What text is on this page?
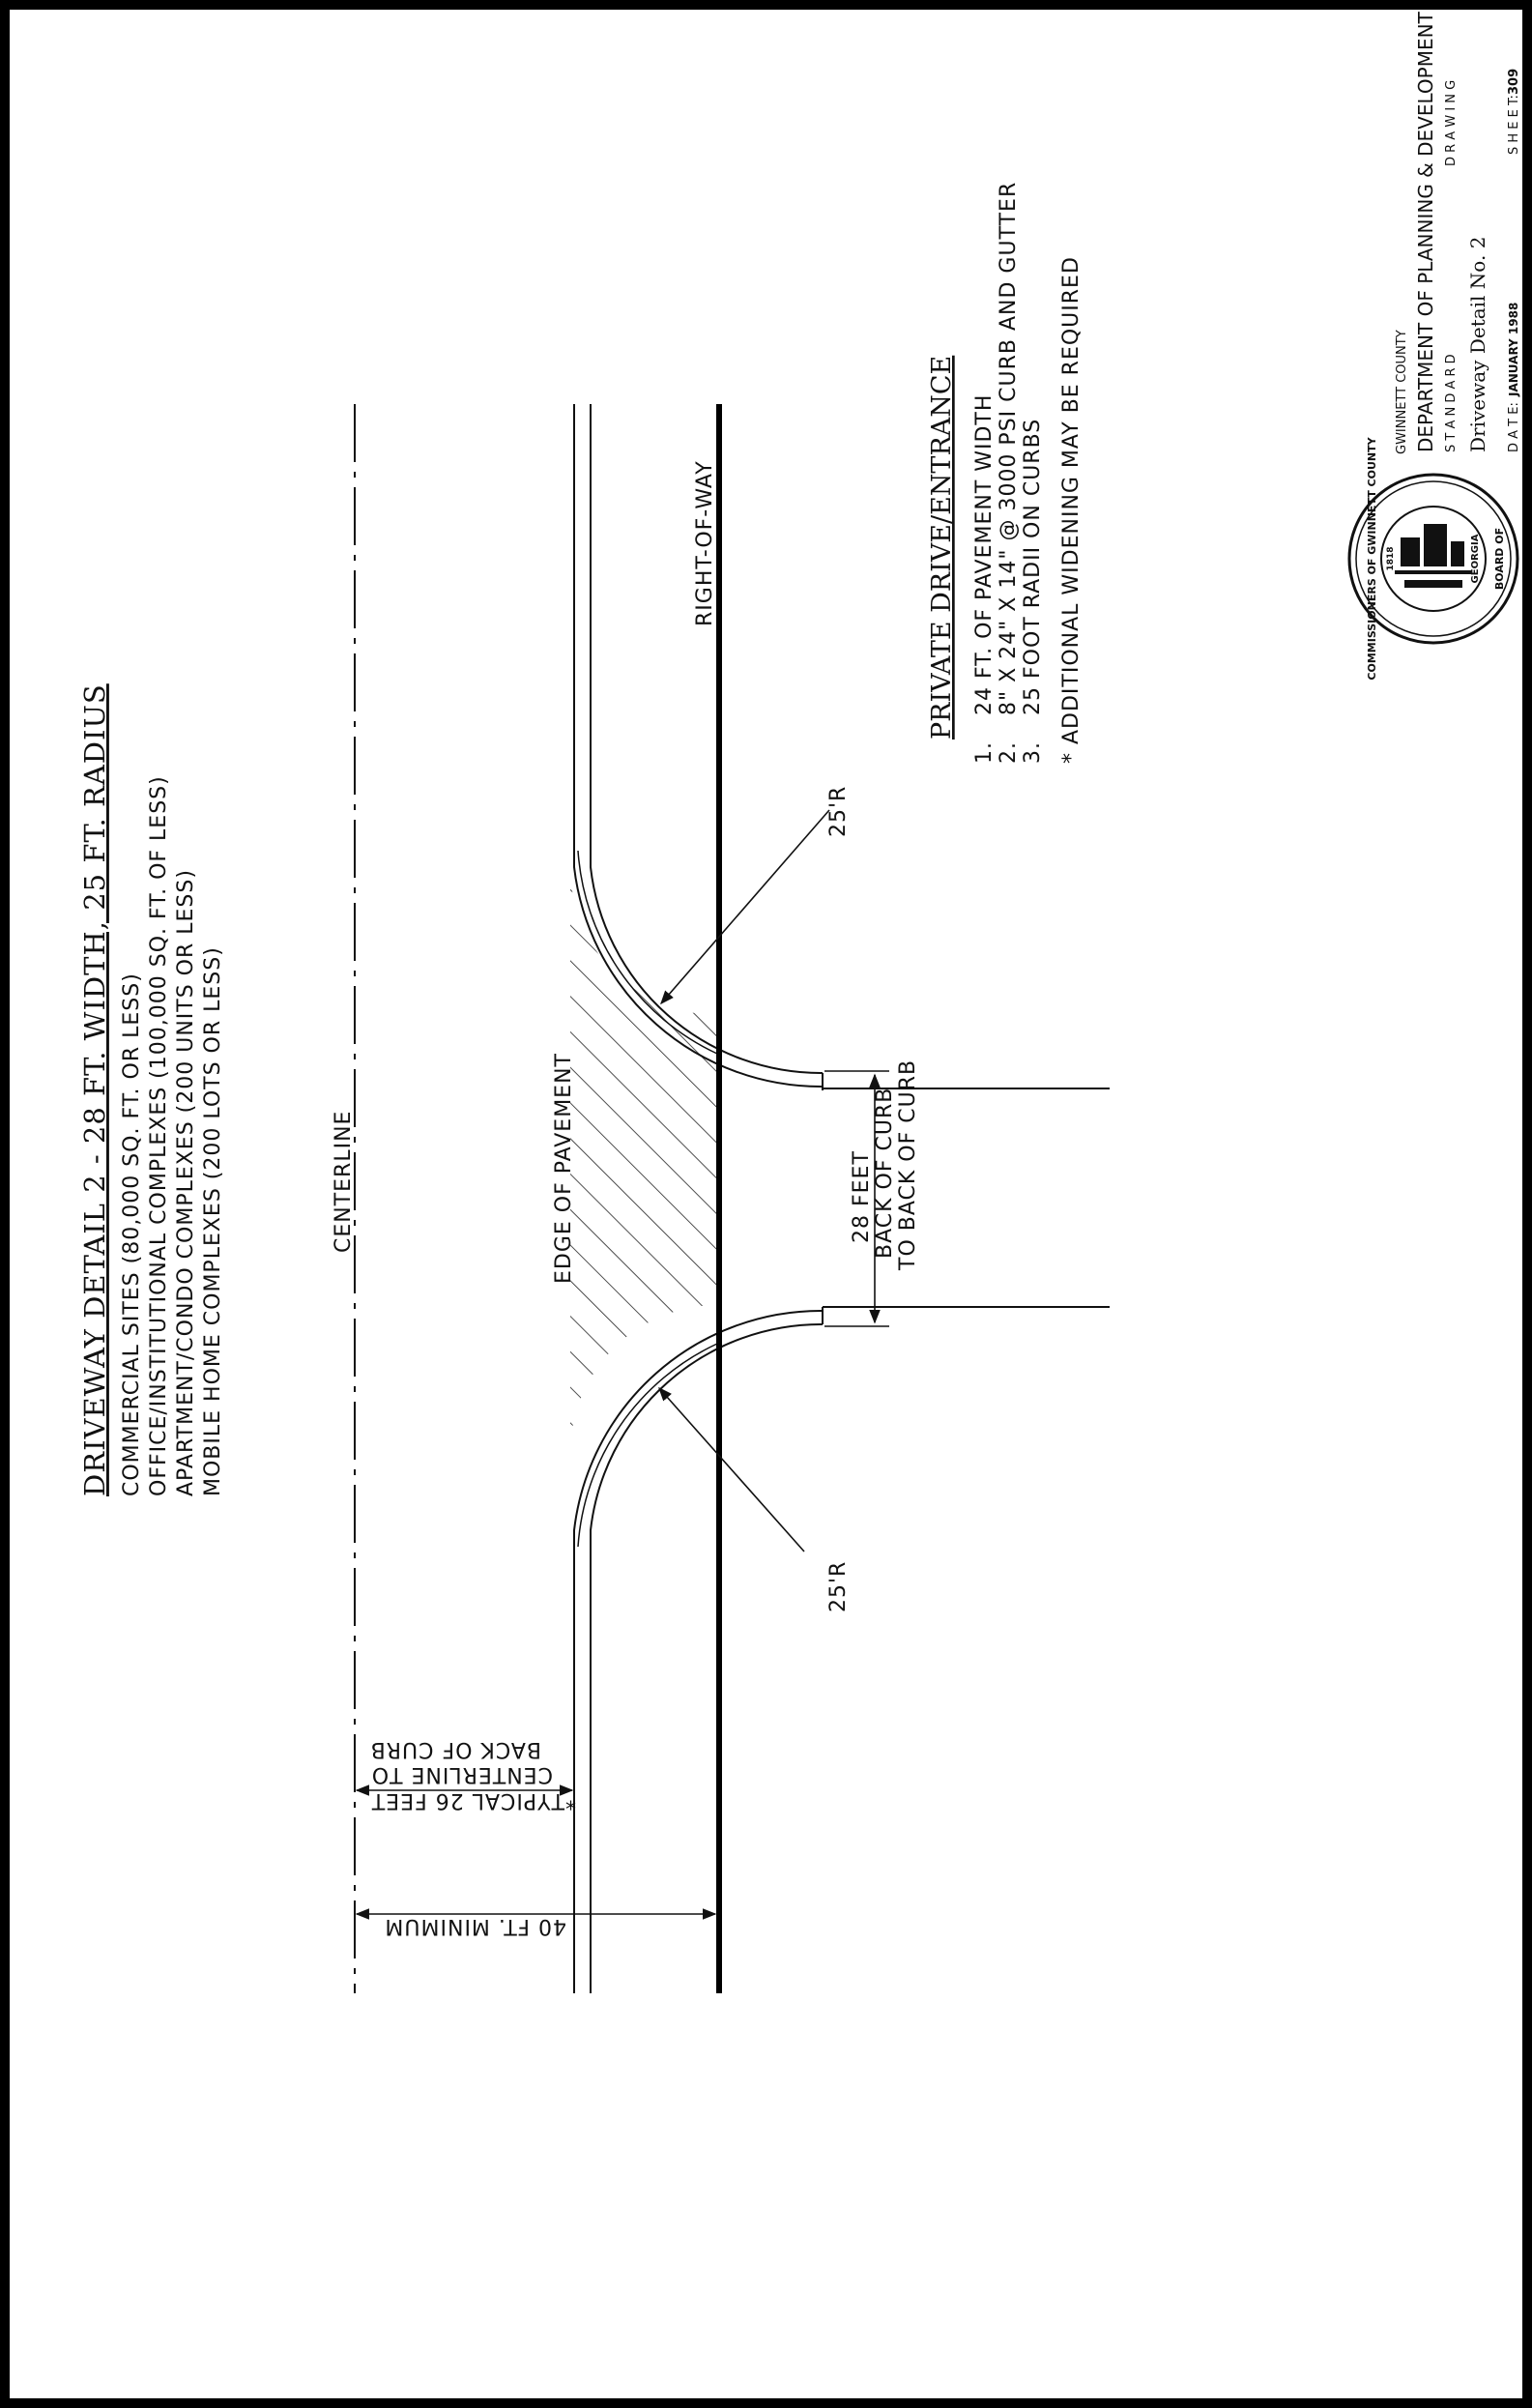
DRIVEWAY DETAIL 2 - 28 FT. WIDTH, 25 FT. RADIUS COMMERCIAL SITES (80,000 SQ. FT. OR LESS) OFFICE/INSTITUTIONAL COMPLEXES (100,000 SQ. FT. OF LESS) APARTMENT/CONDO COMPLEXES (200 UNITS OR LESS) MOBILE HOME COMPLEXES (200 LOTS OR LESS)	CENTERLINE	EDGE OF PAVEMENT
RIGHT-OF-WAY
25'R
25'R
28 FEET BACK OF CURB TO BACK OF CURB
*TYPICAL 26 FEET
CENTERLINE TO
BACK OF CURB
40 FT. MINIMUM
PRIVATE DRIVE/ENTRANCE
1.
24 FT. OF PAVEMENT WIDTH
2.
8" X 24" X 14" @ 3000 PSI CURB AND GUTTER
3.
25 FOOT RADII ON CURBS * ADDITIONAL WIDENING MAY BE REQUIRED	COMMISSIONERS OF GWINNETT COUNTY	BOARD OF
GEORGIA
1818
GWINNETT COUNTY DEPARTMENT OF PLANNING & DEVELOPMENT S T A N D A R D
D R A W I N G
Driveway Detail No. 2 D A T E:
JANUARY 1988
S H E E T:
309
